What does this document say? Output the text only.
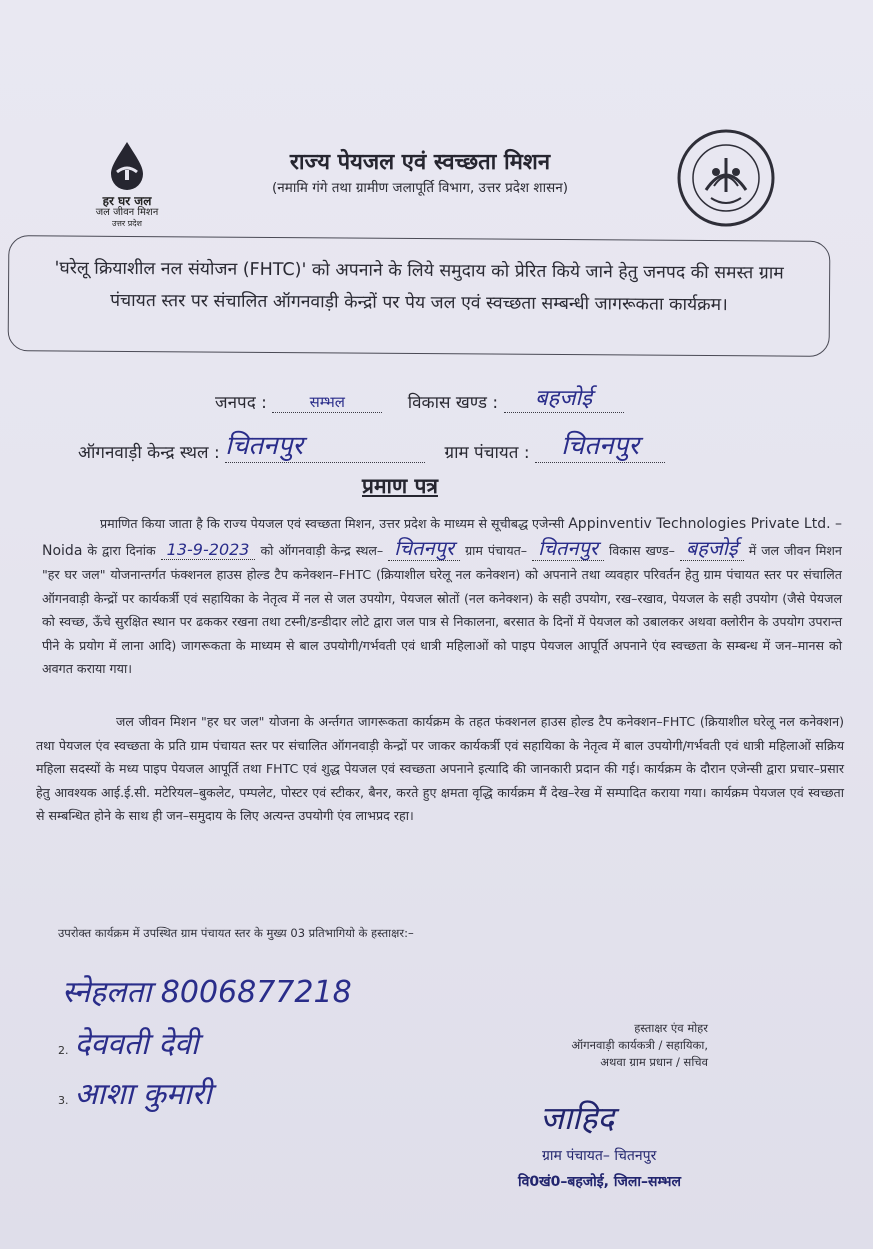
हर घर जल
जल जीवन मिशन
उत्तर प्रदेश
राज्य पेयजल एवं स्वच्छता मिशन
(नमामि गंगे तथा ग्रामीण जलापूर्ति विभाग, उत्तर प्रदेश शासन)

'घरेलू क्रियाशील नल संयोजन (FHTC)' को अपनाने के लिये समुदाय को प्रेरित किये जाने हेतु जनपद की समस्त ग्राम पंचायत स्तर पर संचालित ऑगनवाड़ी केन्द्रों पर पेय जल एवं स्वच्छता सम्बन्धी जागरूकता कार्यक्रम।

जनपद :	सम्भल	विकास खण्ड : बहजोई
ऑगनवाड़ी केन्द्र स्थल : चितनपुर	ग्राम पंचायत : चितनपुर
प्रमाण पत्र
प्रमाणित किया जाता है कि राज्य पेयजल एवं स्वच्छता मिशन, उत्तर प्रदेश के माध्यम से सूचीबद्ध एजेन्सी Appinventiv Technologies Private Ltd. – Noida के द्वारा दिनांक 13-9-2023 को ऑगनवाड़ी केन्द्र स्थल– चितनपुर ग्राम पंचायत– चितनपुर विकास खण्ड– बहजोई में जल जीवन मिशन "हर घर जल" योजनान्तर्गत फंक्शनल हाउस होल्ड टैप कनेक्शन–FHTC (क्रियाशील घरेलू नल कनेक्शन) को अपनाने तथा व्यवहार परिवर्तन हेतु ग्राम पंचायत स्तर पर संचालित ऑगनवाड़ी केन्द्रों पर कार्यकर्त्री एवं सहायिका के नेतृत्व में नल से जल उपयोग, पेयजल स्रोतों (नल कनेक्शन) के सही उपयोग, रख–रखाव, पेयजल के सही उपयोग (जैसे पेयजल को स्वच्छ, ऊँचे सुरक्षित स्थान पर ढककर रखना तथा टस्नी/डन्डीदार लोटे द्वारा जल पात्र से निकालना, बरसात के दिनों में पेयजल को उबालकर अथवा क्लोरीन के उपयोग उपरान्त पीने के प्रयोग में लाना आदि) जागरूकता के माध्यम से बाल उपयोगी/गर्भवती एवं धात्री महिलाओं को पाइप पेयजल आपूर्ति अपनाने एंव स्वच्छता के सम्बन्ध में जन–मानस को अवगत कराया गया।
जल जीवन मिशन "हर घर जल" योजना के अर्न्तगत जागरूकता कार्यक्रम के तहत फंक्शनल हाउस होल्ड टैप कनेक्शन–FHTC (क्रियाशील घरेलू नल कनेक्शन) तथा पेयजल एंव स्वच्छता के प्रति ग्राम पंचायत स्तर पर संचालित ऑगनवाड़ी केन्द्रों पर जाकर कार्यकर्त्री एवं सहायिका के नेतृत्व में बाल उपयोगी/गर्भवती एवं धात्री महिलाओं सक्रिय महिला सदस्यों के मध्य पाइप पेयजल आपूर्ति तथा FHTC एवं शुद्ध पेयजल एवं स्वच्छता अपनाने इत्यादि की जानकारी प्रदान की गई। कार्यक्रम के दौरान एजेन्सी द्वारा प्रचार–प्रसार हेतु आवश्यक आई.ई.सी. मटेरियल–बुकलेट, पम्पलेट, पोस्टर एवं स्टीकर, बैनर, करते हुए क्षमता वृद्धि कार्यक्रम मैं देख–रेख में सम्पादित कराया गया। कार्यक्रम पेयजल एवं स्वच्छता से सम्बन्धित होने के साथ ही जन–समुदाय के लिए अत्यन्त उपयोगी एंव लाभप्रद रहा।
उपरोक्त कार्यक्रम में उपस्थित ग्राम पंचायत स्तर के मुख्य 03 प्रतिभागियो के हस्ताक्षर:–
स्नेहलता 8006877218
2. देववती देवी
3. आशा कुमारी
हस्ताक्षर एंव मोहर
ऑगनवाड़ी कार्यकत्री / सहायिका,
अथवा ग्राम प्रधान / सचिव
जाहिद
ग्राम पंचायत– चितनपुर
वि0खं0–बहजोई, जिला–सम्भल
